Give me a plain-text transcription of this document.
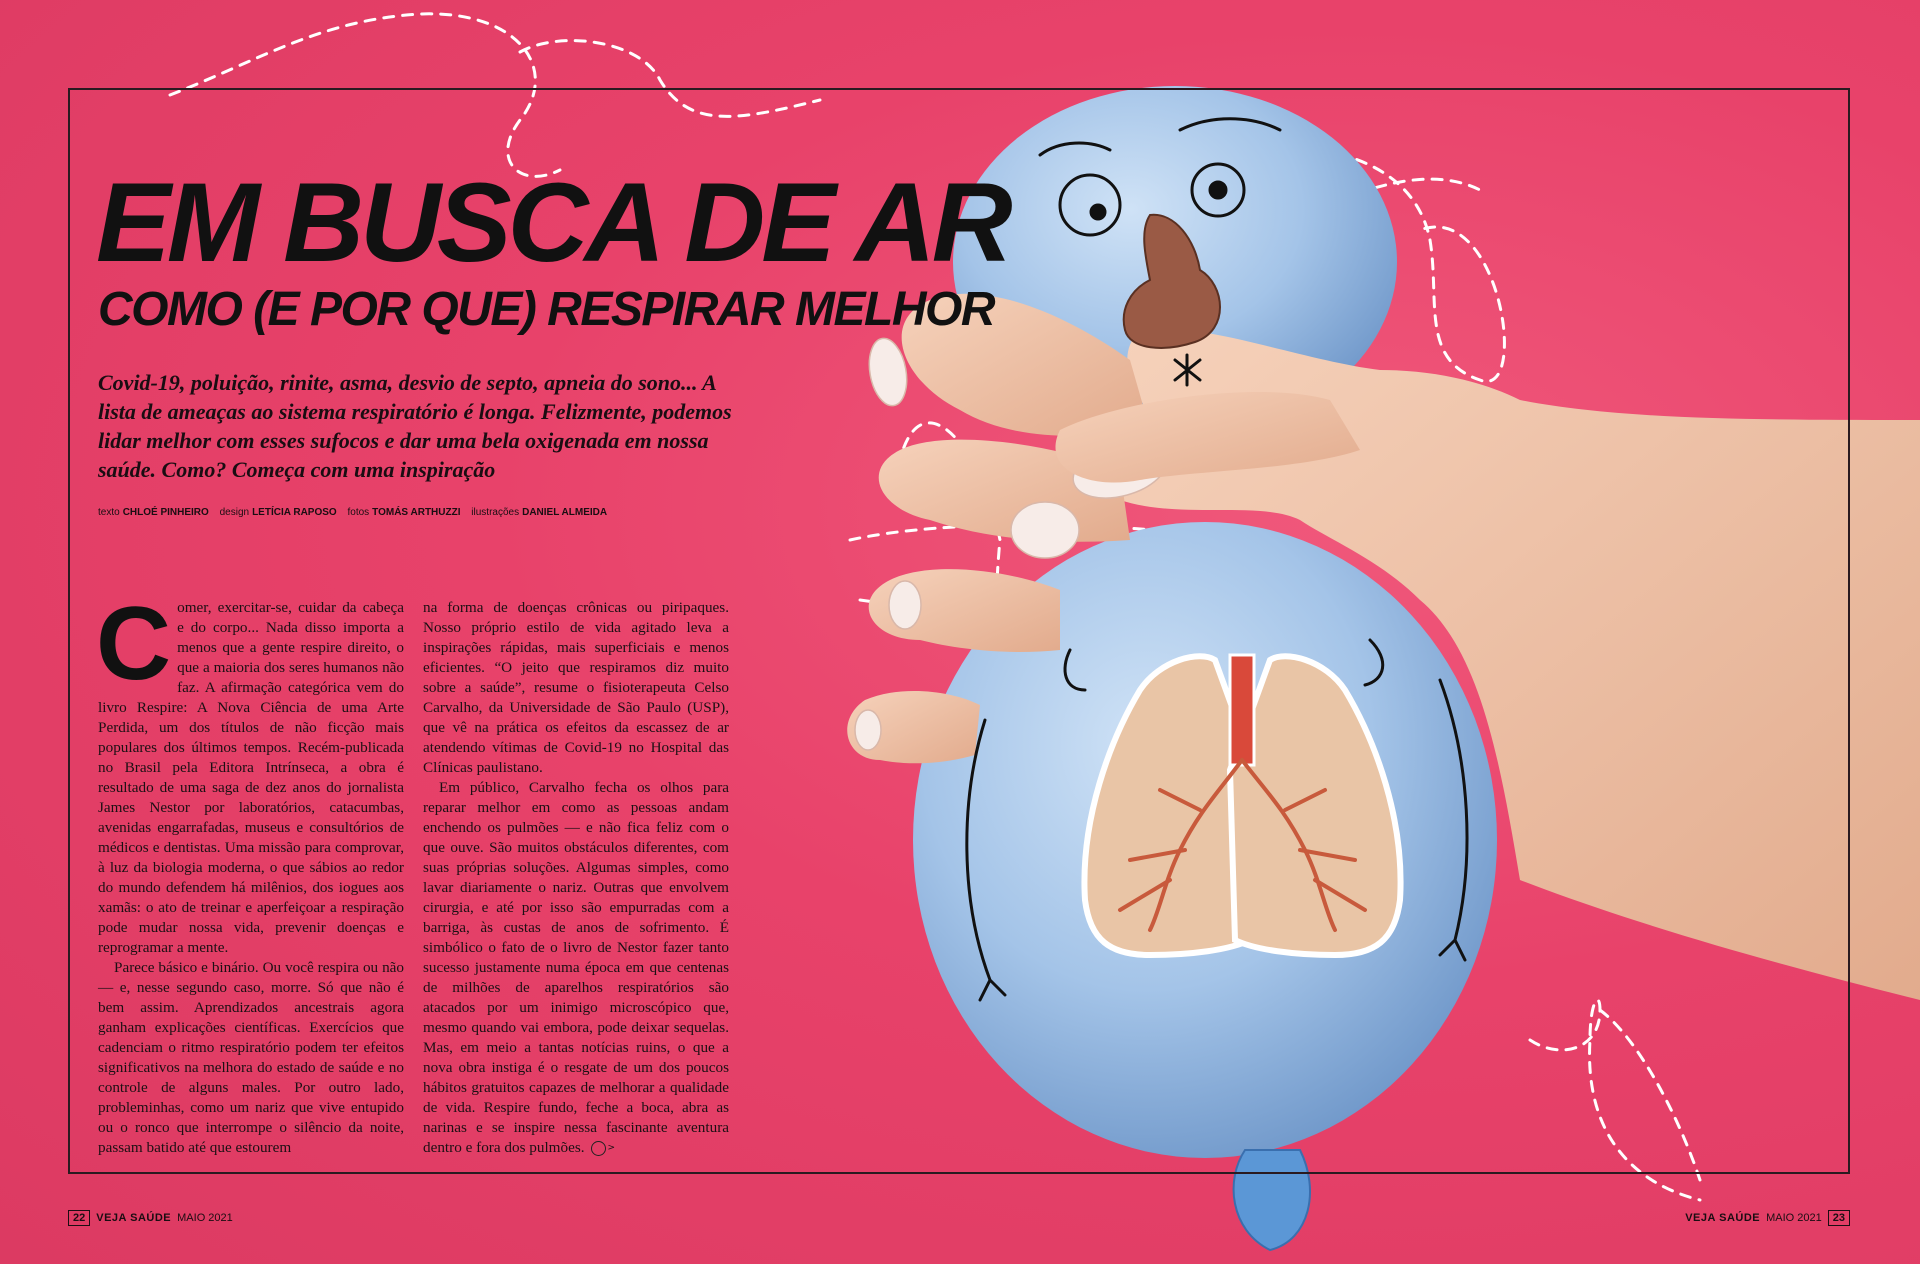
EM BUSCA DE AR
COMO (E POR QUE) RESPIRAR MELHOR

Covid-19, poluição, rinite, asma, desvio de septo, apneia do sono... A lista de ameaças ao sistema respiratório é longa. Felizmente, podemos lidar melhor com esses sufocos e dar uma bela oxigenada em nossa saúde. Como? Começa com uma inspiração

texto CHLOÉ PINHEIRO design LETÍCIA RAPOSO fotos TOMÁS ARTHUZZI ilustrações DANIEL ALMEIDA

Comer, exercitar-se, cuidar da cabeça e do corpo... Nada disso importa a menos que a gente respire direito, o que a maioria dos seres humanos não faz. A afirmação categórica vem do livro Respire: A Nova Ciência de uma Arte Perdida, um dos títulos de não ficção mais populares dos últimos tempos. Recém-publicada no Brasil pela Editora Intrínseca, a obra é resultado de uma saga de dez anos do jornalista James Nestor por laboratórios, catacumbas, avenidas engarrafadas, museus e consultórios de médicos e dentistas. Uma missão para comprovar, à luz da biologia moderna, o que sábios ao redor do mundo defendem há milênios, dos iogues aos xamãs: o ato de treinar e aperfeiçoar a respiração pode mudar nossa vida, prevenir doenças e reprogramar a mente.

Parece básico e binário. Ou você respira ou não — e, nesse segundo caso, morre. Só que não é bem assim. Aprendizados ancestrais agora ganham explicações científicas. Exercícios que cadenciam o ritmo respiratório podem ter efeitos significativos na melhora do estado de saúde e no controle de alguns males. Por outro lado, probleminhas, como um nariz que vive entupido ou o ronco que interrompe o silêncio da noite, passam batido até que estourem

na forma de doenças crônicas ou piripaques. Nosso próprio estilo de vida agitado leva a inspirações rápidas, mais superficiais e menos eficientes. “O jeito que respiramos diz muito sobre a saúde”, resume o fisioterapeuta Celso Carvalho, da Universidade de São Paulo (USP), que vê na prática os efeitos da escassez de ar atendendo vítimas de Covid-19 no Hospital das Clínicas paulistano.

Em público, Carvalho fecha os olhos para reparar melhor em como as pessoas andam enchendo os pulmões — e não fica feliz com o que ouve. São muitos obstáculos diferentes, com suas próprias soluções. Algumas simples, como lavar diariamente o nariz. Outras que envolvem cirurgia, e até por isso são empurradas com a barriga, às custas de anos de sofrimento. É simbólico o fato de o livro de Nestor fazer tanto sucesso justamente numa época em que centenas de milhões de aparelhos respiratórios são atacados por um inimigo microscópico que, mesmo quando vai embora, pode deixar sequelas. Mas, em meio a tantas notícias ruins, o que a nova obra instiga é o resgate de um dos poucos hábitos gratuitos capazes de melhorar a qualidade de vida. Respire fundo, feche a boca, abra as narinas e se inspire nessa fascinante aventura dentro e fora dos pulmões.	>

22	VEJA SAÚDE MAIO 2021	VEJA SAÚDE MAIO 2021	23
